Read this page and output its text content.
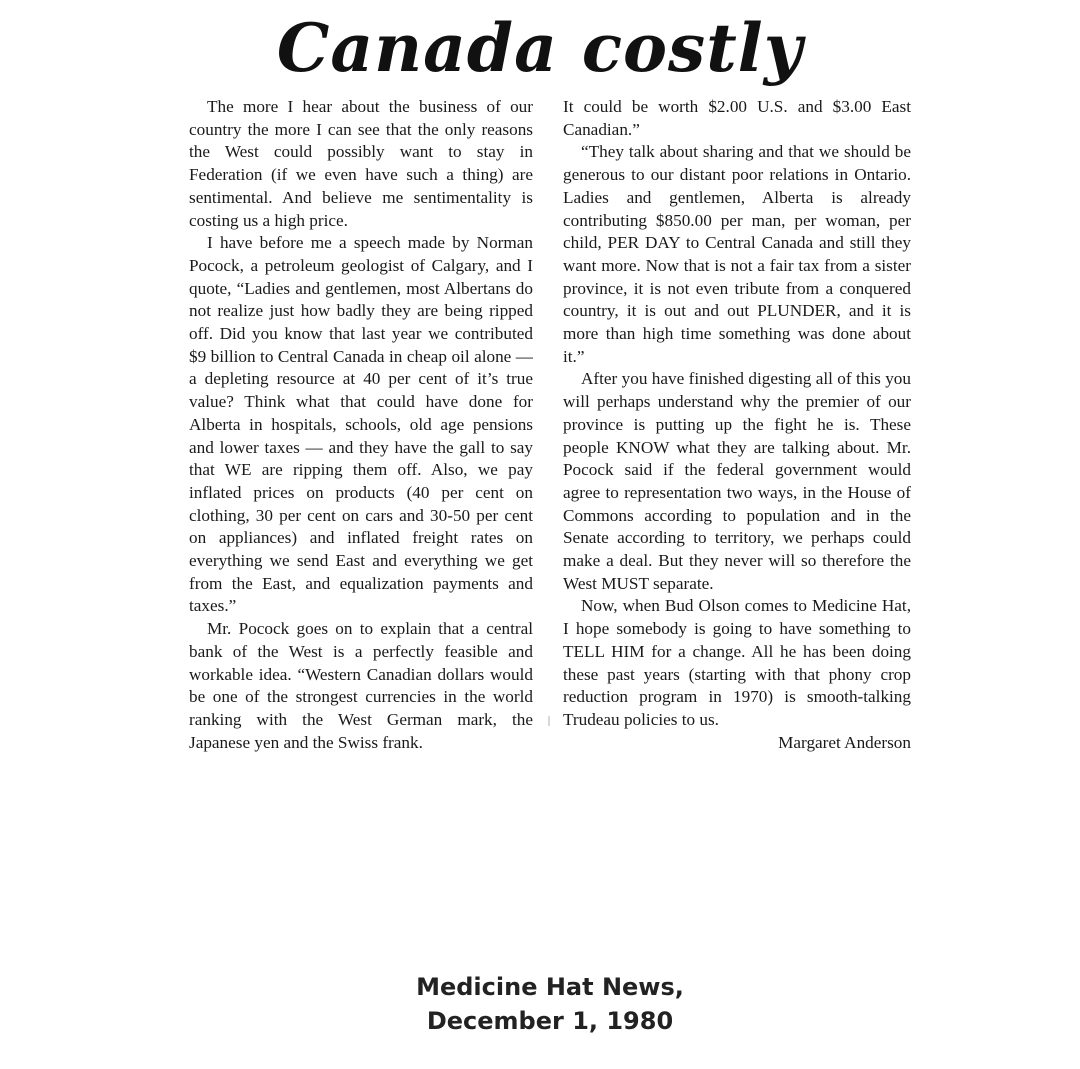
Canada costly

The more I hear about the business of our country the more I can see that the only reasons the West could possibly want to stay in Federation (if we even have such a thing) are sentimental. And believe me sentimentality is costing us a high price.

I have before me a speech made by Norman Pocock, a petroleum geologist of Calgary, and I quote, “Ladies and gentlemen, most Albertans do not realize just how badly they are being ripped off. Did you know that last year we contributed $9 billion to Central Canada in cheap oil alone — a depleting resource at 40 per cent of it’s true value? Think what that could have done for Alberta in hospitals, schools, old age pensions and lower taxes — and they have the gall to say that WE are ripping them off. Also, we pay inflated prices on products (40 per cent on clothing, 30 per cent on cars and 30-50 per cent on appliances) and inflated freight rates on everything we send East and everything we get from the East, and equalization payments and taxes.”

Mr. Pocock goes on to explain that a central bank of the West is a perfectly feasible and workable idea. “Western Canadian dollars would be one of the strongest currencies in the world ranking with the West German mark, the Japanese yen and the Swiss frank.

It could be worth $2.00 U.S. and $3.00 East Canadian.”

“They talk about sharing and that we should be generous to our distant poor relations in Ontario. Ladies and gentlemen, Alberta is already contributing $850.00 per man, per woman, per child, PER DAY to Central Canada and still they want more. Now that is not a fair tax from a sister province, it is not even tribute from a conquered country, it is out and out PLUNDER, and it is more than high time something was done about it.”

After you have finished digesting all of this you will perhaps understand why the premier of our province is putting up the fight he is. These people KNOW what they are talking about. Mr. Pocock said if the federal government would agree to representation two ways, in the House of Commons according to population and in the Senate according to territory, we perhaps could make a deal. But they never will so therefore the West MUST separate.

Now, when Bud Olson comes to Medicine Hat, I hope somebody is going to have something to TELL HIM for a change. All he has been doing these past years (starting with that phony crop reduction program in 1970) is smooth-talking Trudeau policies to us.

Margaret Anderson

Medicine Hat News,
December 1, 1980
